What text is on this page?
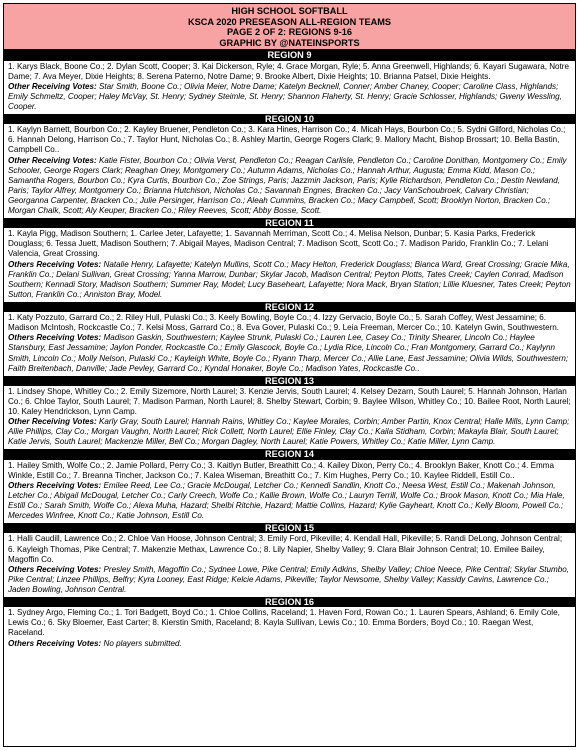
HIGH SCHOOL SOFTBALL
KSCA 2020 PRESEASON ALL-REGION TEAMS
PAGE 2 OF 2: REGIONS 9-16
GRAPHIC BY @NATEINSPORTS
REGION 9
1. Karys Black, Boone Co.; 2. Dylan Scott, Cooper; 3. Kai Dickerson, Ryle; 4. Grace Morgan, Ryle; 5. Anna Greenwell, Highlands; 6. Kayari Sugawara, Notre Dame; 7. Ava Meyer, Dixie Heights; 8. Serena Paterno, Notre Dame; 9. Brooke Albert, Dixie Heights; 10. Brianna Patsel, Dixie Heights.
Other Receiving Votes: Star Smith, Boone Co.; Olivia Meier, Notre Dame; Katelyn Becknell, Conner; Amber Chaney, Cooper; Caroline Class, Highlands; Emily Schmeltz, Cooper; Haley McVay, St. Henry; Sydney Steimle, St. Henry; Shannon Flaherty, St. Henry; Gracie Schlosser, Highlands; Gweny Wessling, Cooper.
REGION 10
1. Kaylyn Barnett, Bourbon Co.; 2. Kayley Bruener, Pendleton Co.; 3. Kara Hines, Harrison Co.; 4. Micah Hays, Bourbon Co.; 5. Sydni Gilford, Nicholas Co.; 6. Hannah Delong, Harrison Co.; 7. Taylor Hunt, Nicholas Co.; 8. Ashley Martin, George Rogers Clark; 9. Mallory Macht, Bishop Brossart; 10. Bella Bastin, Campbell Co..
Other Receiving Votes: Katie Fister, Bourbon Co.; Olivia Verst, Pendleton Co.; Reagan Carlisle, Pendleton Co.; Caroline Donithan, Montgomery Co.; Emily Schooler, George Rogers Clark; Reaghan Oney, Montgomery Co.; Autumn Adams, Nicholas Co.; Hannah Arthur, Augusta; Emma Kidd, Mason Co.; Samantha Rogers, Bourbon Co.; Kyra Curtis, Bourbon Co.; Zoe Strings, Paris; Jazzmin Jackson, Paris; Kylie Richardson, Pendleton Co.; Destin Newland, Paris; Taylor Alfrey, Montgomery Co.; Brianna Hutchison, Nicholas Co.; Savannah Engnes, Bracken Co.; Jacy VanSchoubroek, Calvary Christian; Georganna Carpenter, Bracken Co.; Julie Persinger, Harrison Co.; Aleah Cummins, Bracken Co.; Macy Campbell, Scott; Brooklyn Norton, Bracken Co.; Morgan Chalk, Scott; Aly Keuper, Bracken Co.; Riley Reeves, Scott; Abby Bosse, Scott.
REGION 11
1. Kayla Pigg, Madison Southern; 1. Carlee Jeter, Lafayette; 1. Savannah Merriman, Scott Co.; 4. Melisa Nelson, Dunbar; 5. Kasia Parks, Frederick Douglass; 6. Tessa Juett, Madison Southern; 7. Abigail Mayes, Madison Central; 7. Madison Scott, Scott Co.; 7. Madison Parido, Franklin Co.; 7. Lelani Valencia, Great Crossing.
Others Receiving Votes: Natalie Henry, Lafayette; Katelyn Mullins, Scott Co.; Macy Helton, Frederick Douglass; Bianca Ward, Great Crossing; Gracie Mika, Franklin Co.; Delani Sullivan, Great Crossing; Yanna Marrow, Dunbar; Skylar Jacob, Madison Central; Peyton Plotts, Tates Creek; Caylen Conrad, Madison Southern; Kennadi Story, Madison Southern; Summer Ray, Model; Lucy Baseheart, Lafayette; Nora Mack, Bryan Station; Lillie Kluesner, Tates Creek; Peyton Sutton, Franklin Co.; Anniston Bray, Model.
REGION 12
1. Katy Pozzuto, Garrard Co.; 2. Riley Hull, Pulaski Co.; 3. Keely Bowling, Boyle Co.; 4. Izzy Gervacio, Boyle Co.; 5. Sarah Coffey, West Jessamine; 6. Madison McIntosh, Rockcastle Co.; 7. Kelsi Moss, Garrard Co.; 8. Eva Gover, Pulaski Co.; 9. Leia Freeman, Mercer Co.; 10. Katelyn Gwin, Southwestern.
Others Receiving Votes: Madison Gaskin, Southwestern; Kaylee Strunk, Pulaski Co.; Lauren Lee, Casey Co.; Trinity Shearer, Lincoln Co.; Haylee Stansbury, East Jessamine; Jaylon Ponder, Rockcastle Co.; Emily Glascock, Boyle Co.; Lydia Rice, Lincoln Co.; Fran Montgomery, Garrard Co.; Kaylynn Smith, Lincoln Co.; Molly Nelson, Pulaski Co.; Kayleigh White, Boyle Co.; Ryann Tharp, Mercer Co.; Allie Lane, East Jessamine; Olivia Wilds, Southwestern; Faith Breitenbach, Danville; Jade Pevley, Garrard Co.; Kyndal Honaker, Boyle Co.; Madison Yates, Rockcastle Co..
REGION 13
1. Lindsey Shope, Whitley Co.; 2. Emily Sizemore, North Laurel; 3. Kenzie Jervis, South Laurel; 4. Kelsey Dezarn, South Laurel; 5. Hannah Johnson, Harlan Co.; 6. Chloe Taylor, South Laurel; 7. Madison Parman, North Laurel; 8. Shelby Stewart, Corbin; 9. Baylee Wilson, Whitley Co.; 10. Bailee Root, North Laurel; 10. Kaley Hendrickson, Lynn Camp.
Other Receiving Votes: Karly Gray, South Laurel; Hannah Rains, Whitley Co.; Kaylee Morales, Corbin; Amber Partin, Knox Central; Halle Mills, Lynn Camp; Allie Phillips, Clay Co.; Morgan Vaughn, North Laurel; Rick Collett, North Laurel; Ellie Finley, Clay Co.; Kaila Stidham, Corbin; Makayla Blair, South Laurel; Katie Jervis, South Laurel; Mackenzie Miller, Bell Co.; Morgan Dagley, North Laurel; Katie Powers, Whitley Co.; Katie Miller, Lynn Camp.
REGION 14
1. Hailey Smith, Wolfe Co.; 2. Jamie Pollard, Perry Co.; 3. Kaitlyn Butler, Breathitt Co.; 4. Kailey Dixon, Perry Co.; 4. Brooklyn Baker, Knott Co.; 4. Emma Winkle, Estill Co.; 7. Breanna Tincher, Jackson Co.; 7. Kalea Wiseman, Breathitt Co.; 7. Kim Hughes, Perry Co.; 10. Kaylee Riddell, Estill Co..
Others Receiving Votes: Emilee Reed, Lee Co.; Gracie McDougal, Letcher Co.; Kennedi Sandlin, Knott Co.; Neesa West, Estill Co.; Makenah Johnson, Letcher Co.; Abigail McDougal, Letcher Co.; Carly Creech, Wolfe Co.; Kallie Brown, Wolfe Co.; Lauryn Terrill, Wolfe Co.; Brook Mason, Knott Co.; Mia Hale, Estill Co.; Sarah Smith, Wolfe Co.; Alexa Muha, Hazard; Shelbi Ritchie, Hazard; Mattie Collins, Hazard; Kylie Gayheart, Knott Co.; Kelly Bloom, Powell Co.; Mercedes Winfree, Knott Co.; Katie Johnson, Estill Co.
REGION 15
1. Halli Caudill, Lawrence Co.; 2. Chloe Van Hoose, Johnson Central; 3. Emily Ford, Pikeville; 4. Kendall Hall, Pikeville; 5. Randi DeLong, Johnson Central; 6. Kayleigh Thomas, Pike Central; 7. Makenzie Methax, Lawrence Co.; 8. Lily Napier, Shelby Valley; 9. Clara Blair Johnson Central; 10. Emilee Bailey, Magoffin Co.
Others Receiving Votes: Presley Smith, Magoffin Co.; Sydnee Lowe, Pike Central; Emily Adkins, Shelby Valley; Chloe Neece, Pike Central; Skylar Stumbo, Pike Central; Linzee Phillips, Belfry; Kyra Looney, East Ridge; Kelcie Adams, Pikeville; Taylor Newsome, Shelby Valley; Kassidy Cavins, Lawrence Co.; Jaden Bowling, Johnson Central.
REGION 16
1. Sydney Argo, Fleming Co.; 1. Tori Badgett, Boyd Co.; 1. Chloe Collins, Raceland; 1. Haven Ford, Rowan Co.; 1. Lauren Spears, Ashland; 6. Emily Cole, Lewis Co.; 6. Sky Bloemer, East Carter; 8. Kierstin Smith, Raceland; 8. Kayla Sullivan, Lewis Co.; 10. Emma Borders, Boyd Co.; 10. Raegan West, Raceland.
Others Receiving Votes: No players submitted.
